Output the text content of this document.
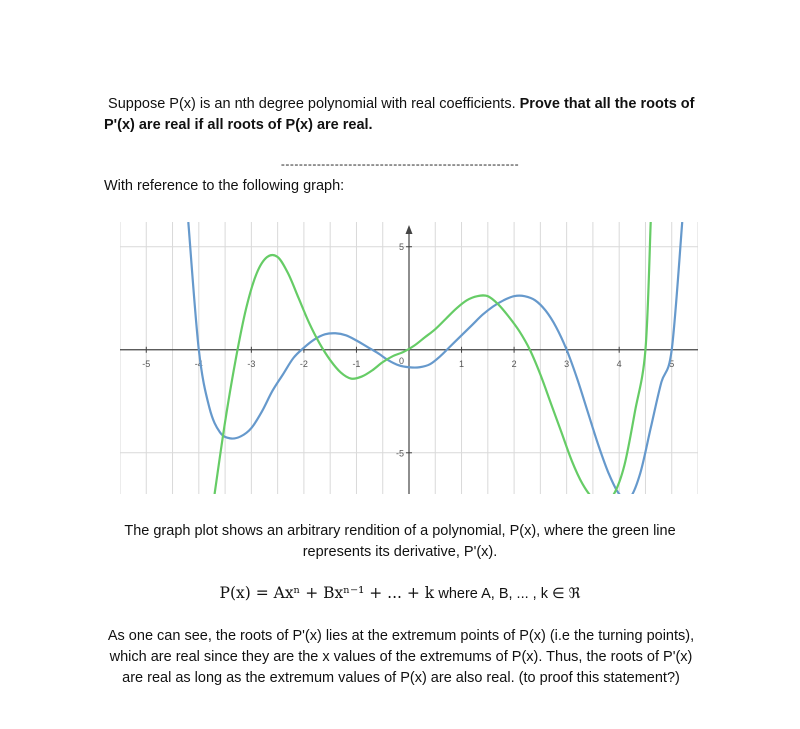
Suppose P(x) is an nth degree polynomial with real coefficients. Prove that all the roots of P'(x) are real if all roots of P(x) are real.
-----------------------------------------------------
With reference to the following graph:
-5	-4	-3	-2	-1	1	2	3	4	5
-5
5
0
The graph plot shows an arbitrary rendition of a polynomial, P(x), where the green line represents its derivative, P'(x).
P(x) = Axⁿ + Bxⁿ⁻¹ + ... + k where A, B, ... , k ∈ ℜ
As one can see, the roots of P'(x) lies at the extremum points of P(x) (i.e the turning points), which are real since they are the x values of the extremums of P(x). Thus, the roots of P'(x) are real as long as the extremum values of P(x) are also real. (to proof this statement?)
